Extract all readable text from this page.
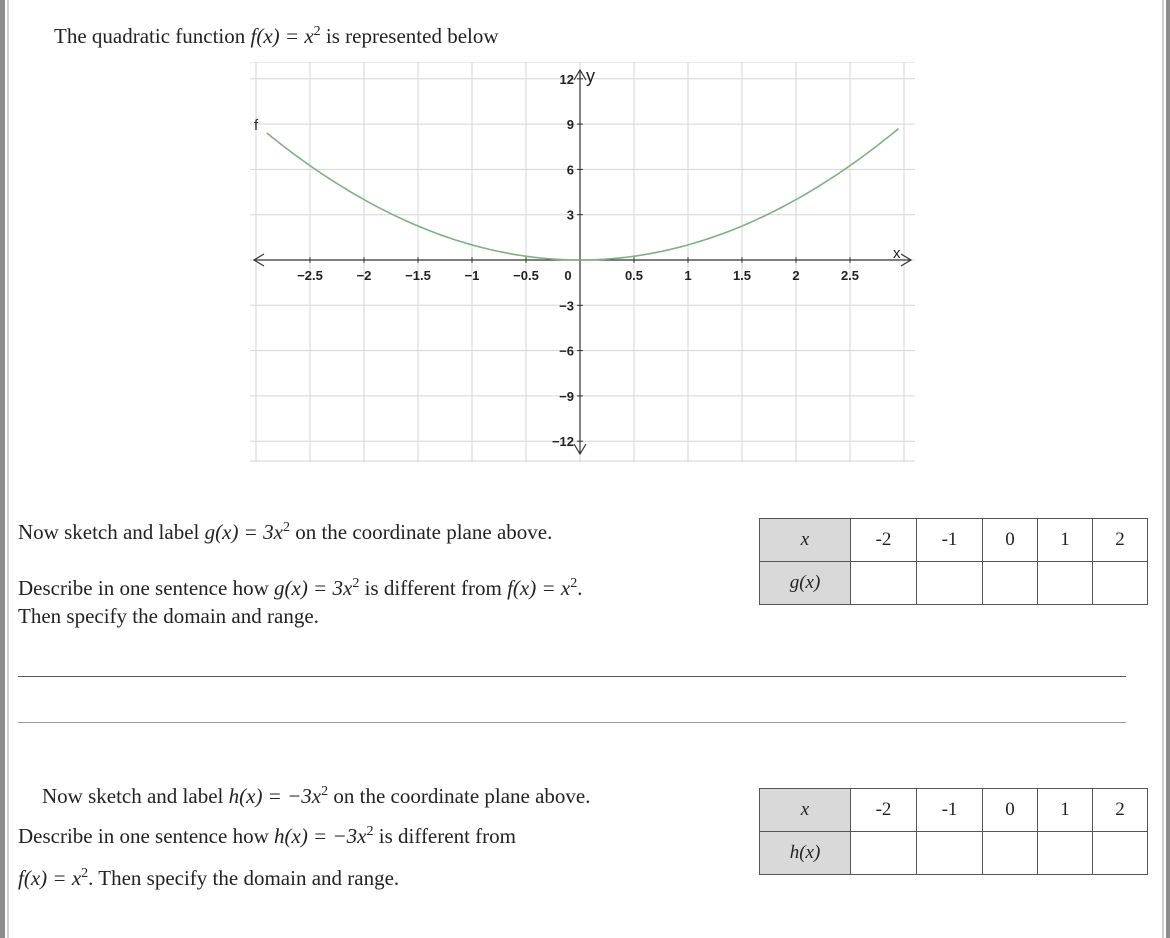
The quadratic function $f(x) = x^2$ is represented below
−2.5	−2	−1.5	−1	−0.5 0	0.5	1	1.5	2	2.5
12
9
6
3
−3
−6
−9
−12
f
x
y
Now sketch and label $g(x) = 3x^2$ on the coordinate plane above.
Describe in one sentence how $g(x) = 3x^2$ is different from $f(x) = x^2$.
Then specify the domain and range.
x	-2	-1	0	1	2
g(x)					
Now sketch and label $h(x) = -3x^2$ on the coordinate plane above.
Describe in one sentence how $h(x) = -3x^2$ is different from
$f(x) = x^2$. Then specify the domain and range.
x	-2	-1	0	1	2
h(x)					
